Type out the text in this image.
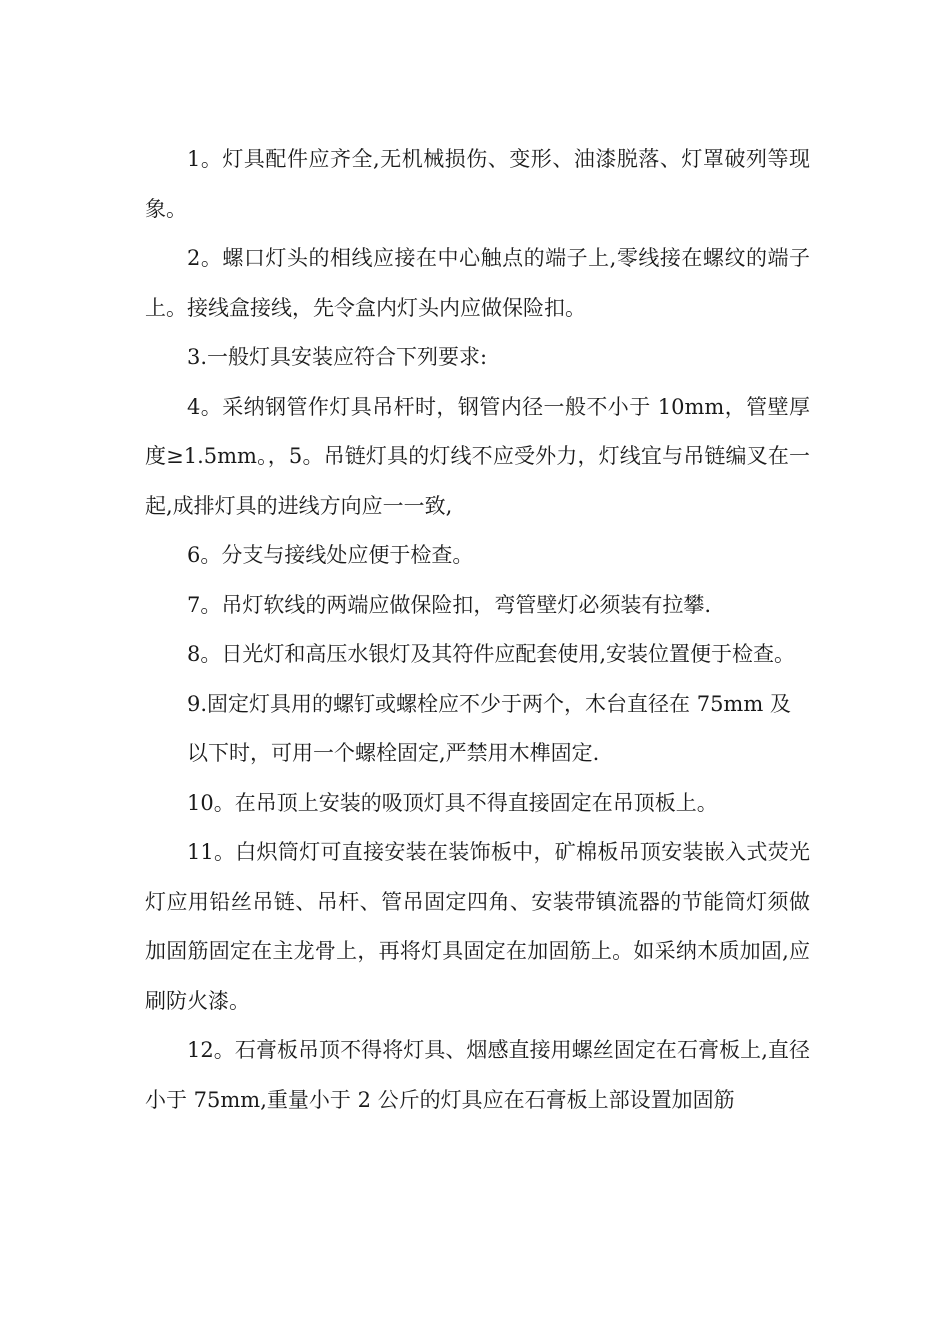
1。灯具配件应齐全,无机械损伤、变形、油漆脱落、灯罩破列等现象。

2。螺口灯头的相线应接在中心触点的端子上,零线接在螺纹的端子上。接线盒接线，先令盒内灯头内应做保险扣。

3.一般灯具安装应符合下列要求:

4。采纳钢管作灯具吊杆时，钢管内径一般不小于 10mm，管壁厚度≥1.5mm。，5。吊链灯具的灯线不应受外力，灯线宜与吊链编叉在一起,成排灯具的进线方向应一一致,

6。分支与接线处应便于检查。

7。吊灯软线的两端应做保险扣，弯管壁灯必须装有拉攀.

8。日光灯和高压水银灯及其符件应配套使用,安装位置便于检查。

9.固定灯具用的螺钉或螺栓应不少于两个，木台直径在 75mm 及

以下时，可用一个螺栓固定,严禁用木榫固定.

10。在吊顶上安装的吸顶灯具不得直接固定在吊顶板上。

11。白炽筒灯可直接安装在装饰板中，矿棉板吊顶安装嵌入式荧光灯应用铅丝吊链、吊杆、管吊固定四角、安装带镇流器的节能筒灯须做加固筋固定在主龙骨上，再将灯具固定在加固筋上。如采纳木质加固,应刷防火漆。

12。石膏板吊顶不得将灯具、烟感直接用螺丝固定在石膏板上,直径小于 75mm,重量小于 2 公斤的灯具应在石膏板上部设置加固筋
